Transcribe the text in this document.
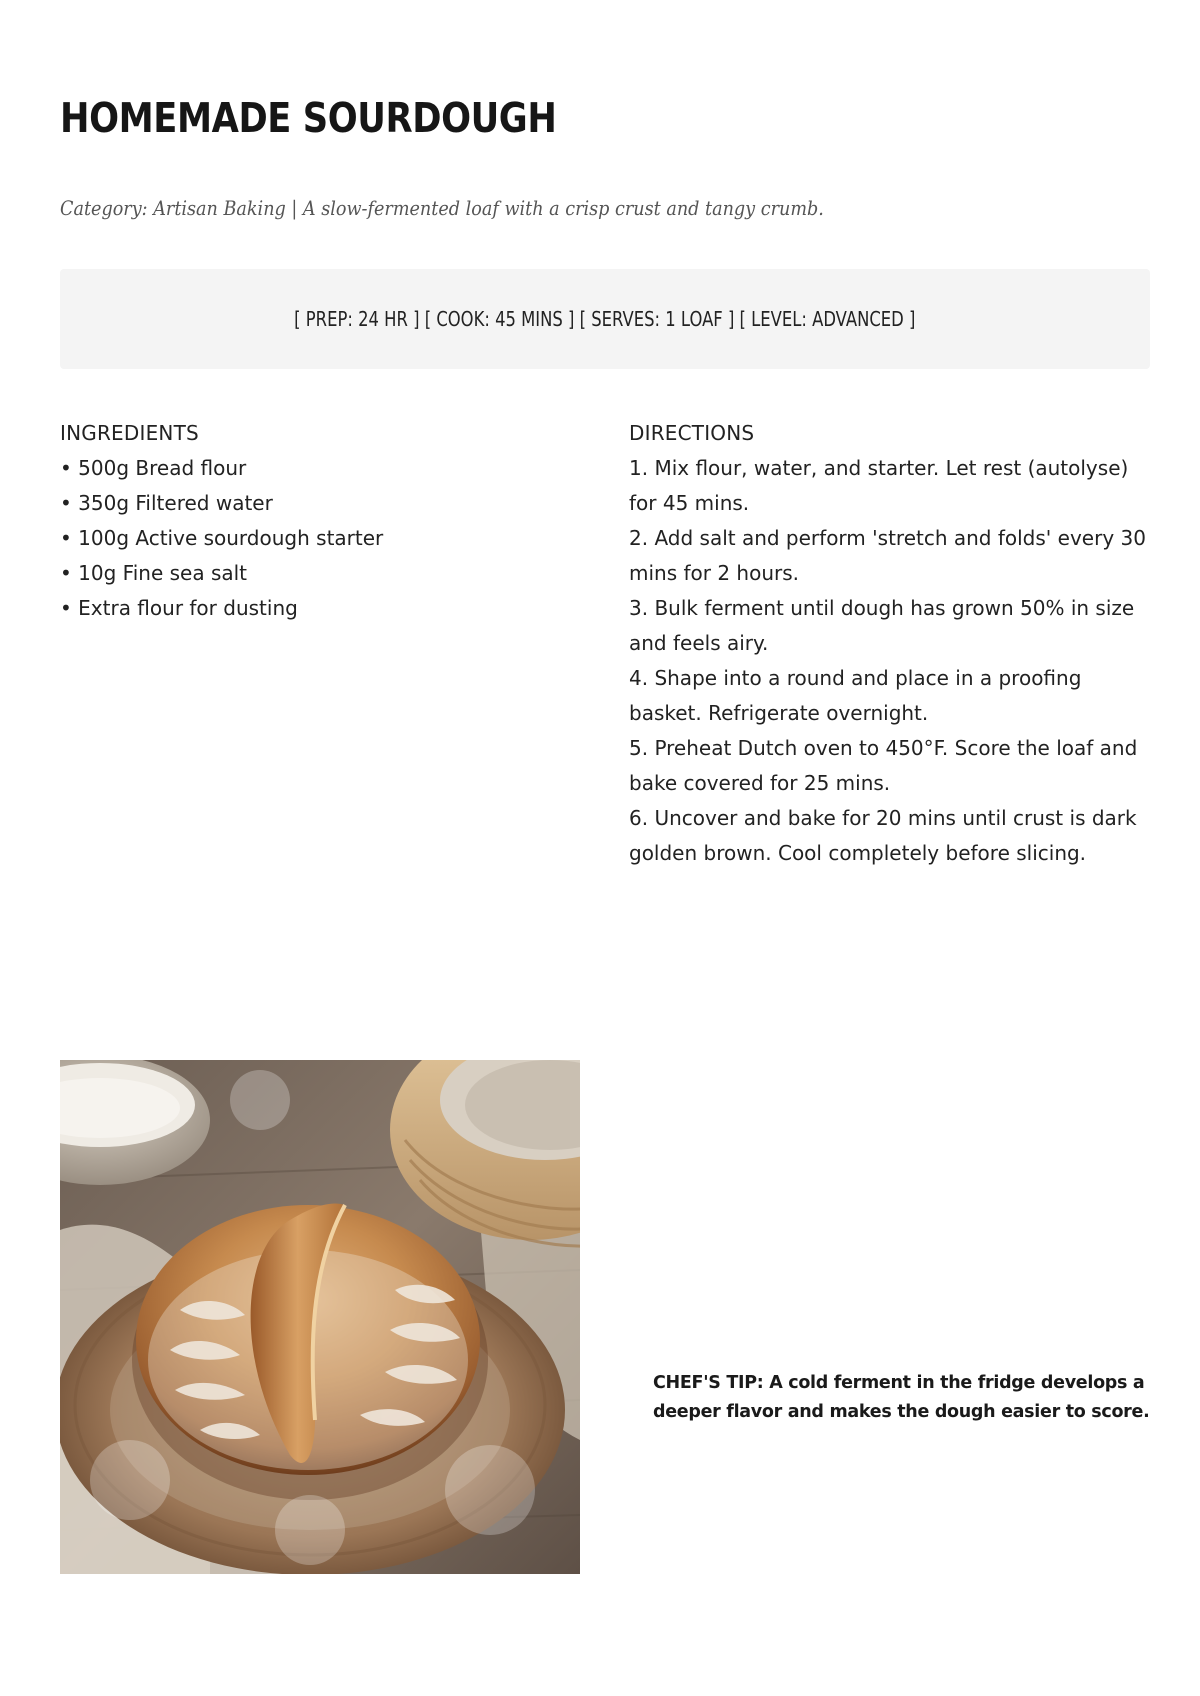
HOMEMADE SOURDOUGH
Category: Artisan Baking | A slow-fermented loaf with a crisp crust and tangy crumb.
[ PREP: 24 HR ] [ COOK: 45 MINS ] [ SERVES: 1 LOAF ] [ LEVEL: ADVANCED ]
INGREDIENTS
• 500g Bread flour
• 350g Filtered water
• 100g Active sourdough starter
• 10g Fine sea salt
• Extra flour for dusting
DIRECTIONS
1. Mix flour, water, and starter. Let rest (autolyse) for 45 mins.
2. Add salt and perform 'stretch and folds' every 30 mins for 2 hours.
3. Bulk ferment until dough has grown 50% in size and feels airy.
4. Shape into a round and place in a proofing basket. Refrigerate overnight.
5. Preheat Dutch oven to 450°F. Score the loaf and bake covered for 25 mins.
6. Uncover and bake for 20 mins until crust is dark golden brown. Cool completely before slicing.
CHEF'S TIP: A cold ferment in the fridge develops a deeper flavor and makes the dough easier to score.
